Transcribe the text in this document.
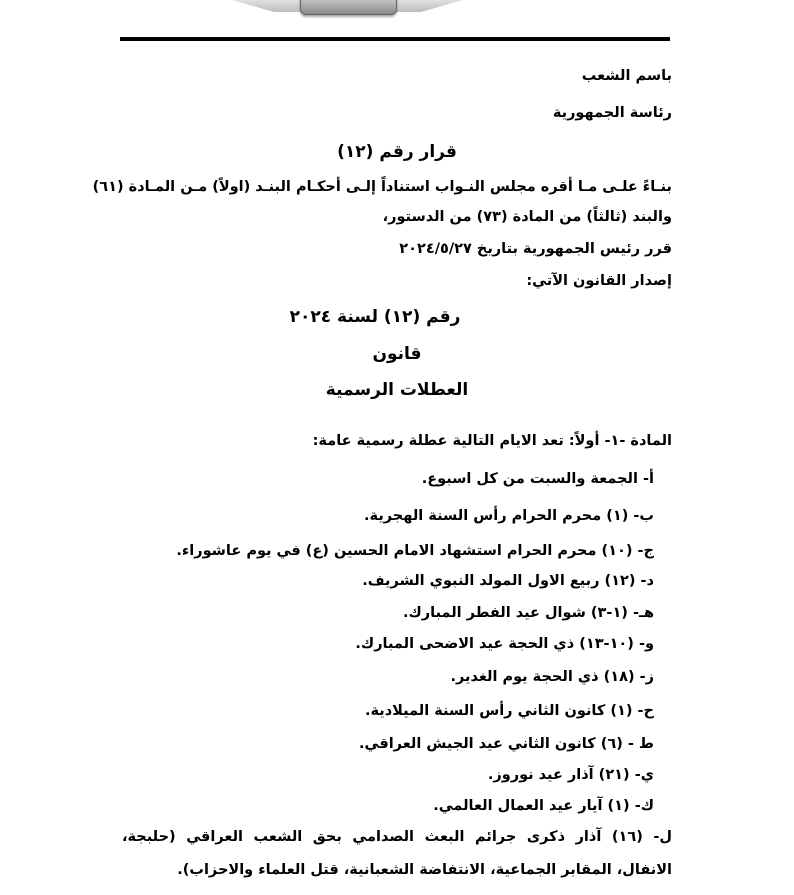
باسم الشعب
رئاسة الجمهورية
قرار رقم (١٢)
بنـاءً علـى مـا أقره مجلس النـواب استناداً إلـى أحكـام البنـد (اولاً) مـن المـادة (٦١)
والبند (ثالثاً) من المادة (٧٣) من الدستور،
قرر رئيس الجمهورية بتاريخ ٢٠٢٤/٥/٢٧
إصدار القانون الآتي:
رقم (١٢) لسنة ٢٠٢٤
قانون
العطلات الرسمية
المادة -١- أولاً: تعد الايام التالية عطلة رسمية عامة:
أ- الجمعة والسبت من كل اسبوع.
ب- (١) محرم الحرام رأس السنة الهجرية.
ج- (١٠) محرم الحرام استشهاد الامام الحسين (ع) في يوم عاشوراء.
د- (١٢) ربيع الاول المولد النبوي الشريف.
هـ- (١-٣) شوال عيد الفطر المبارك.
و- (١٠-١٣) ذي الحجة عيد الاضحى المبارك.
ز- (١٨) ذي الحجة يوم الغدير.
ح- (١) كانون الثاني رأس السنة الميلادية.
ط - (٦) كانون الثاني عيد الجيش العراقي.
ي- (٢١) آذار عيد نوروز.
ك- (١) آيار عيد العمال العالمي.
ل- (١٦) آذار ذكرى جرائم البعث الصدامي بحق الشعب العراقي (حلبجة،
الانفال، المقابر الجماعية، الانتفاضة الشعبانية، قتل العلماء والاحزاب).
